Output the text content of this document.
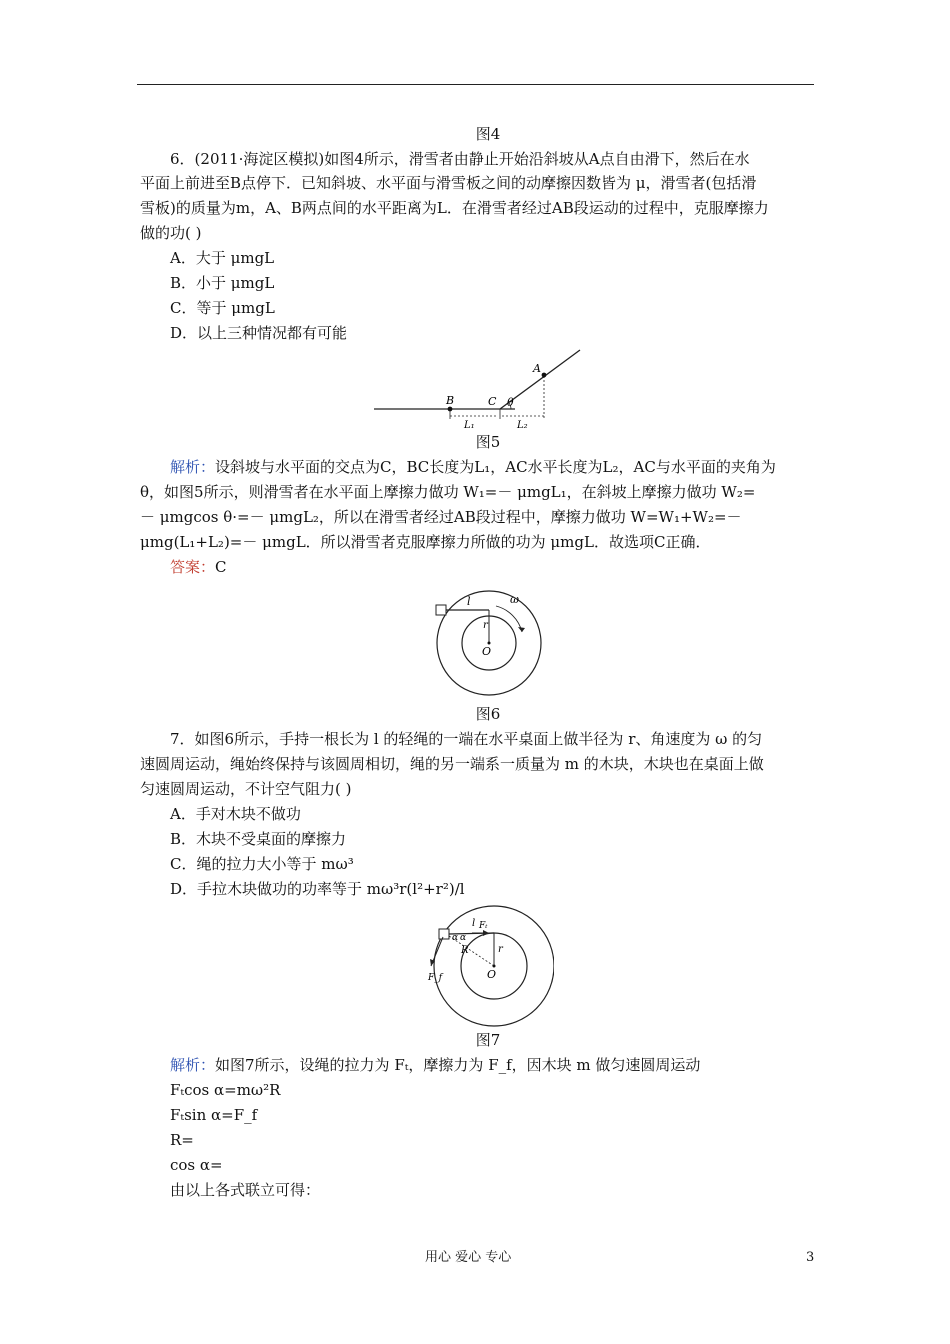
图4
6．(2011·海淀区模拟)如图4所示，滑雪者由静止开始沿斜坡从A点自由滑下，然后在水
平面上前进至B点停下．已知斜坡、水平面与滑雪板之间的动摩擦因数皆为 μ，滑雪者(包括滑
雪板)的质量为m，A、B两点间的水平距离为L．在滑雪者经过AB段运动的过程中，克服摩擦力
做的功( )
A．大于 μmgL
B．小于 μmgL
C．等于 μmgL
D．以上三种情况都有可能
A
B	C θ
L₁	L₂
图5
解析：设斜坡与水平面的交点为C，BC长度为L₁，AC水平长度为L₂，AC与水平面的夹角为
θ，如图5所示，则滑雪者在水平面上摩擦力做功 W₁=－ μmgL₁，在斜坡上摩擦力做功 W₂=
－ μmgcos θ·=－ μmgL₂，所以在滑雪者经过AB段过程中，摩擦力做功 W=W₁+W₂=－
μmg(L₁+L₂)=－ μmgL．所以滑雪者克服摩擦力所做的功为 μmgL．故选项C正确．
答案：C
l	ω
r
O
图6
7．如图6所示，手持一根长为 l 的轻绳的一端在水平桌面上做半径为 r、角速度为 ω 的匀
速圆周运动，绳始终保持与该圆周相切，绳的另一端系一质量为 m 的木块，木块也在桌面上做
匀速圆周运动，不计空气阻力( )
A．手对木块不做功
B．木块不受桌面的摩擦力
C．绳的拉力大小等于 mω³
D．手拉木块做功的功率等于 mω³r(l²+r²)/l
l Fₜ
F_f
α α
R	r
O
图7
解析：如图7所示，设绳的拉力为 Fₜ，摩擦力为 F_f，因木块 m 做匀速圆周运动
Fₜcos α=mω²R
Fₜsin α=F_f
R=
cos α=
由以上各式联立可得：
用心 爱心 专心	3
